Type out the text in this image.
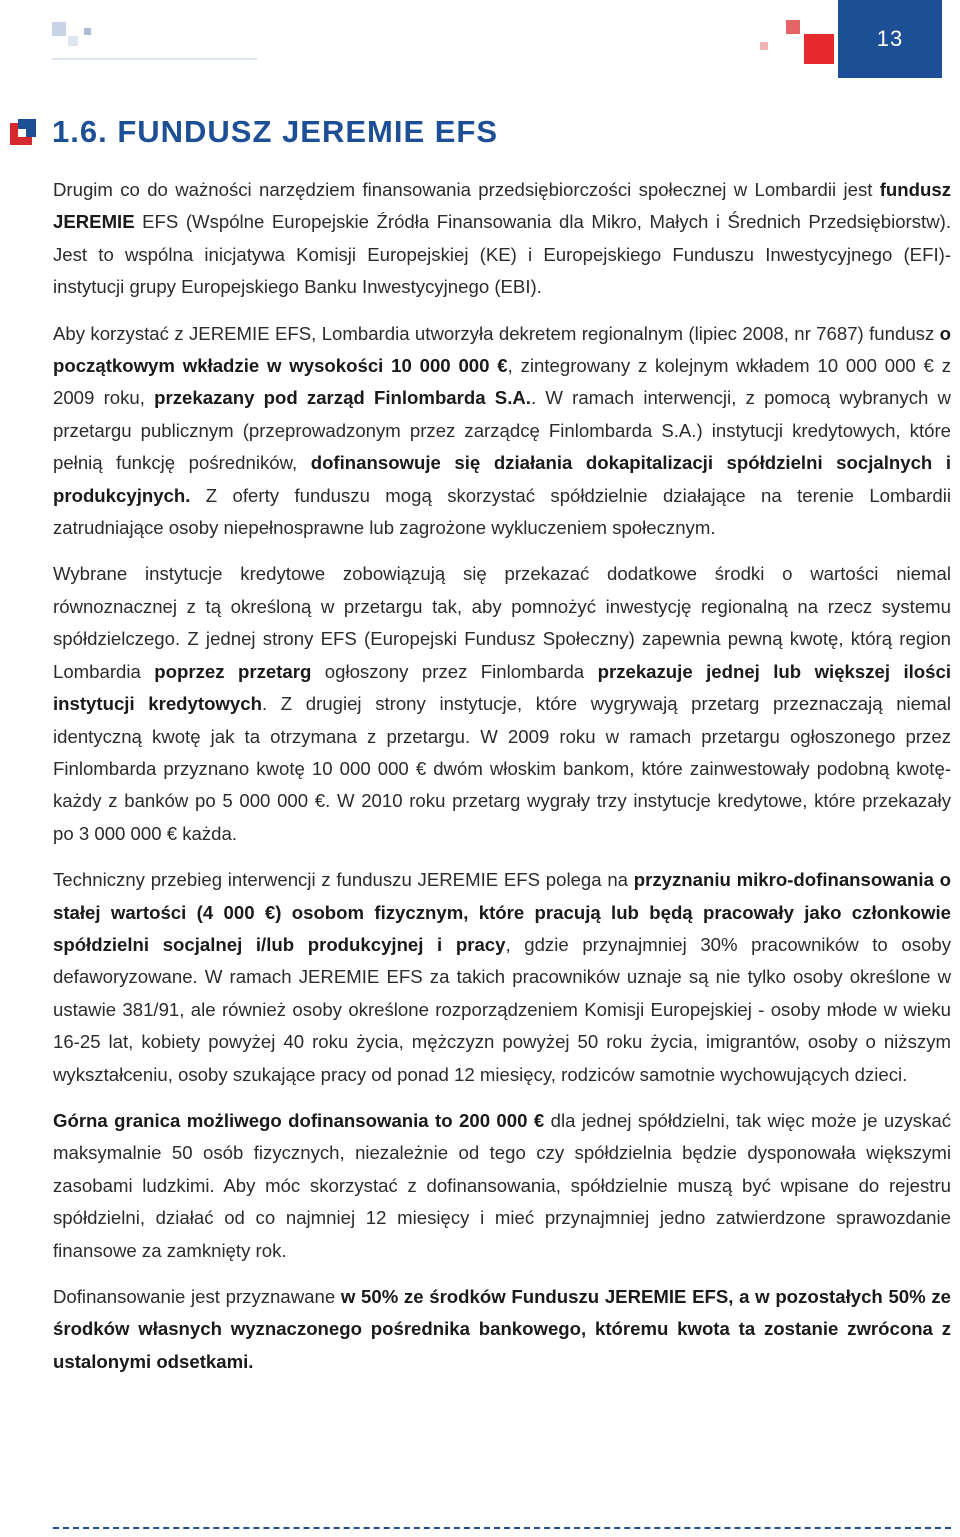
13
1.6. FUNDUSZ JEREMIE EFS

Drugim co do ważności narzędziem finansowania przedsiębiorczości społecznej w Lombardii jest fundusz JEREMIE EFS (Wspólne Europejskie Źródła Finansowania dla Mikro, Małych i Średnich Przedsiębiorstw). Jest to wspólna inicjatywa Komisji Europejskiej (KE) i Europejskiego Funduszu Inwestycyjnego (EFI)- instytucji grupy Europejskiego Banku Inwestycyjnego (EBI).

Aby korzystać z JEREMIE EFS, Lombardia utworzyła dekretem regionalnym (lipiec 2008, nr 7687) fundusz o początkowym wkładzie w wysokości 10 000 000 €, zintegrowany z kolejnym wkładem 10 000 000 € z 2009 roku, przekazany pod zarząd Finlombarda S.A.. W ramach interwencji, z pomocą wybranych w przetargu publicznym (przeprowadzonym przez zarządcę Finlombarda S.A.) instytucji kredytowych, które pełnią funkcję pośredników, dofinansowuje się działania dokapitalizacji spółdzielni socjalnych i produkcyjnych. Z oferty funduszu mogą skorzystać spółdzielnie działające na terenie Lombardii zatrudniające osoby niepełnosprawne lub zagrożone wykluczeniem społecznym.

Wybrane instytucje kredytowe zobowiązują się przekazać dodatkowe środki o wartości niemal równoznacznej z tą określoną w przetargu tak, aby pomnożyć inwestycję regionalną na rzecz systemu spółdzielczego. Z jednej strony EFS (Europejski Fundusz Społeczny) zapewnia pewną kwotę, którą region Lombardia poprzez przetarg ogłoszony przez Finlombarda przekazuje jednej lub większej ilości instytucji kredytowych. Z drugiej strony instytucje, które wygrywają przetarg przeznaczają niemal identyczną kwotę jak ta otrzymana z przetargu. W 2009 roku w ramach przetargu ogłoszonego przez Finlombarda przyznano kwotę 10 000 000 € dwóm włoskim bankom, które zainwestowały podobną kwotę- każdy z banków po 5 000 000 €. W 2010 roku przetarg wygrały trzy instytucje kredytowe, które przekazały po 3 000 000 € każda.

Techniczny przebieg interwencji z funduszu JEREMIE EFS polega na przyznaniu mikro-dofinansowania o stałej wartości (4 000 €) osobom fizycznym, które pracują lub będą pracowały jako członkowie spółdzielni socjalnej i/lub produkcyjnej i pracy, gdzie przynajmniej 30% pracowników to osoby defaworyzowane. W ramach JEREMIE EFS za takich pracowników uznaje są nie tylko osoby określone w ustawie 381/91, ale również osoby określone rozporządzeniem Komisji Europejskiej - osoby młode w wieku 16-25 lat, kobiety powyżej 40 roku życia, mężczyzn powyżej 50 roku życia, imigrantów, osoby o niższym wykształceniu, osoby szukające pracy od ponad 12 miesięcy, rodziców samotnie wychowujących dzieci.

Górna granica możliwego dofinansowania to 200 000 € dla jednej spółdzielni, tak więc może je uzyskać maksymalnie 50 osób fizycznych, niezależnie od tego czy spółdzielnia będzie dysponowała większymi zasobami ludzkimi. Aby móc skorzystać z dofinansowania, spółdzielnie muszą być wpisane do rejestru spółdzielni, działać od co najmniej 12 miesięcy i mieć przynajmniej jedno zatwierdzone sprawozdanie finansowe za zamknięty rok.

Dofinansowanie jest przyznawane w 50% ze środków Funduszu JEREMIE EFS, a w pozostałych 50% ze środków własnych wyznaczonego pośrednika bankowego, któremu kwota ta zostanie zwrócona z ustalonymi odsetkami.
